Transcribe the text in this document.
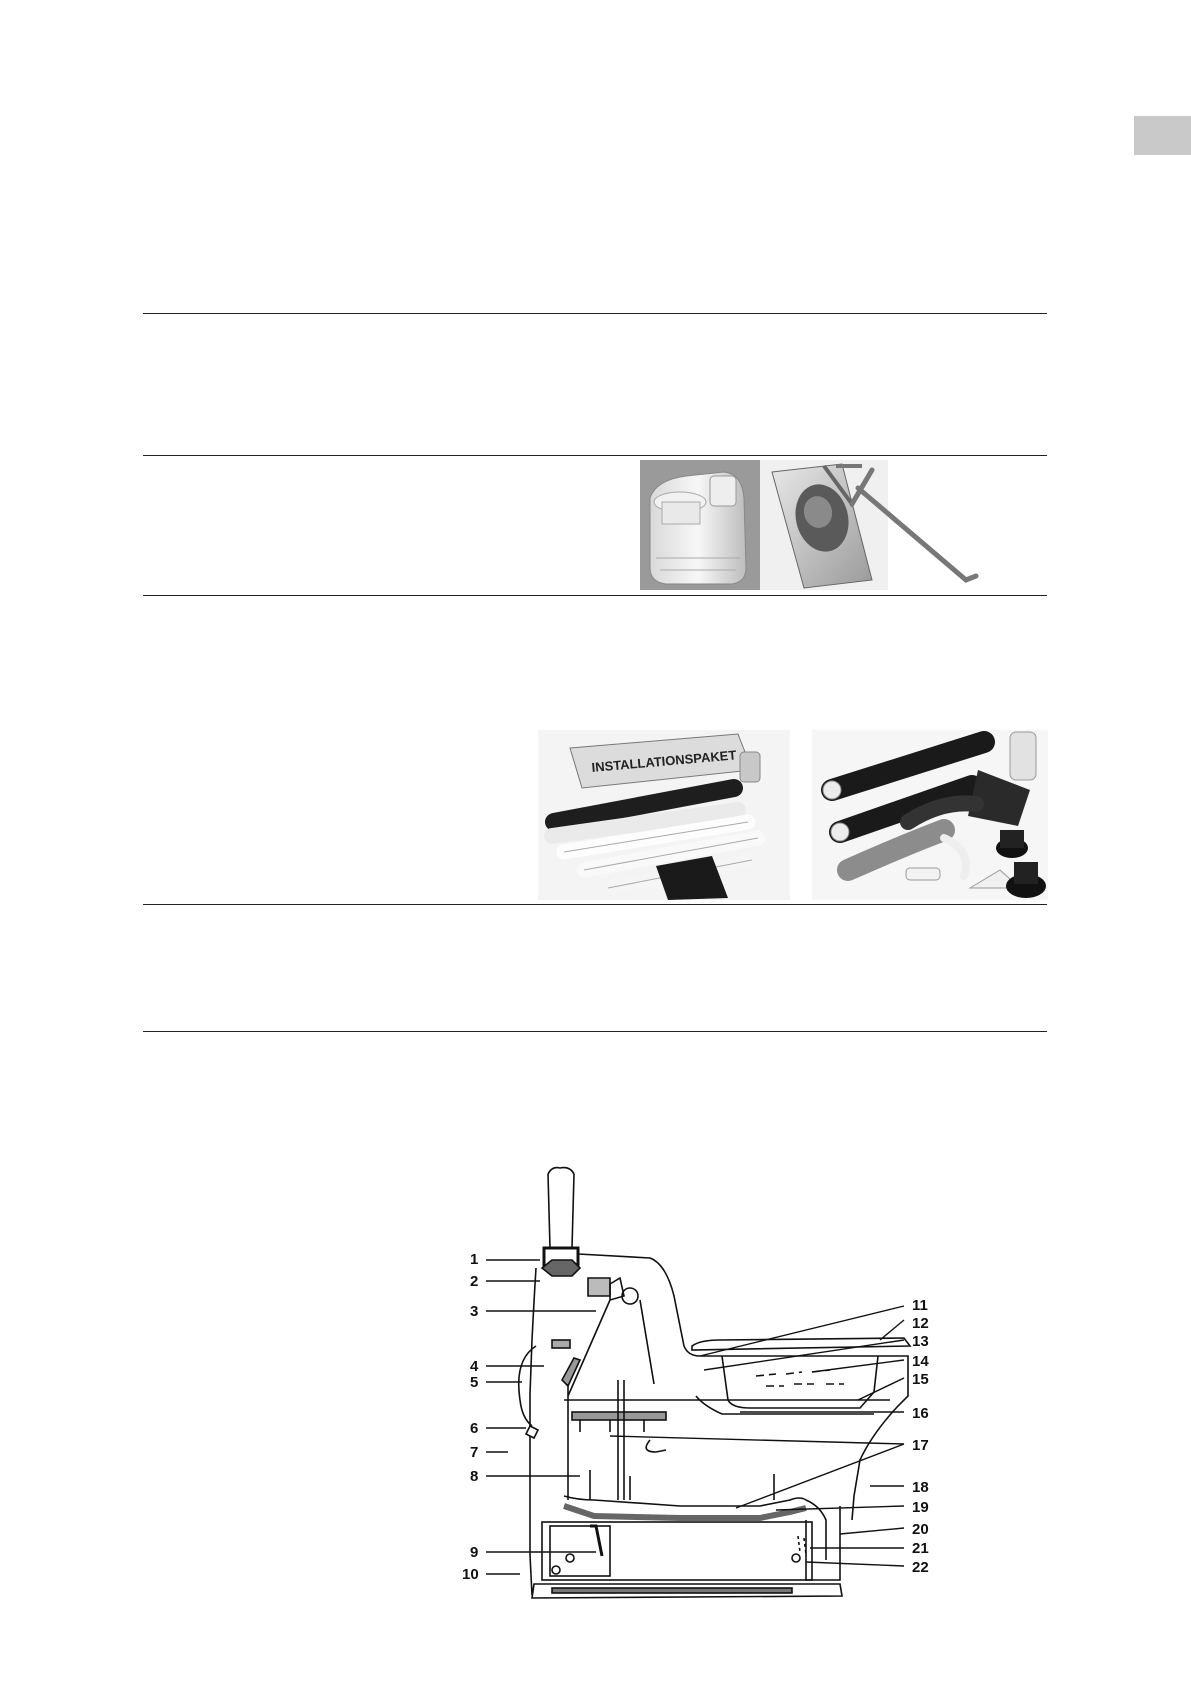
INSTALLATIONSPAKET
1
2
3
4
5
6
7
8
9
10
11
12
13
14
15
16
17
18
19
20
21
22
